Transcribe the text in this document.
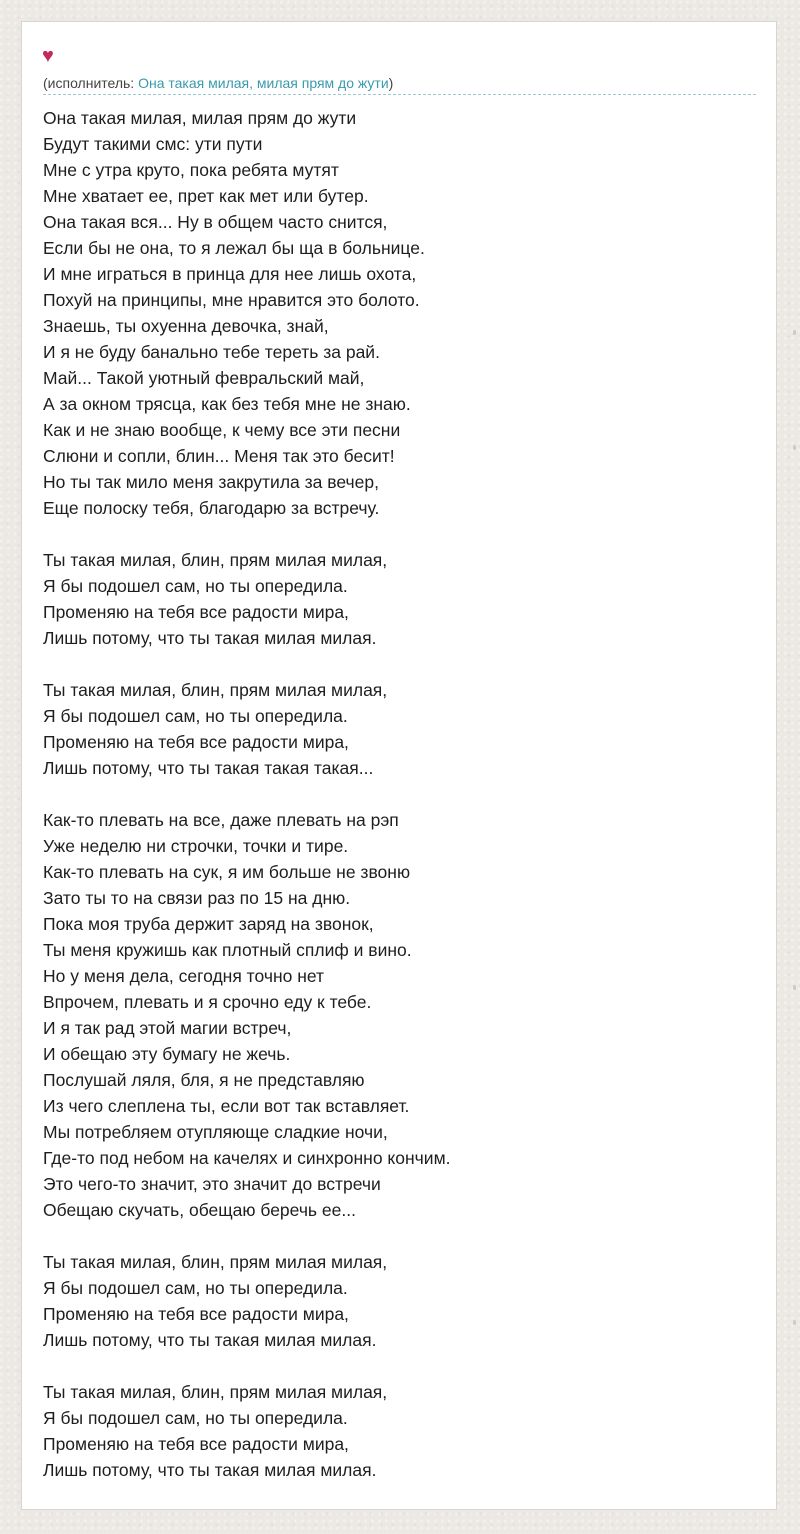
♥
(исполнитель: Она такая милая, милая прям до жути)
Она такая милая, милая прям до жути
Будут такими смс: ути пути
Мне с утра круто, пока ребята мутят
Мне хватает ее, прет как мет или бутер.
Она такая вся... Ну в общем часто снится,
Если бы не она, то я лежал бы ща в больнице.
И мне играться в принца для нее лишь охота,
Похуй на принципы, мне нравится это болото.
Знаешь, ты охуенна девочка, знай,
И я не буду банально тебе тереть за рай.
Май... Такой уютный февральский май,
А за окном трясца, как без тебя мне не знаю.
Как и не знаю вообще, к чему все эти песни
Слюни и сопли, блин... Меня так это бесит!
Но ты так мило меня закрутила за вечер,
Еще полоску тебя, благодарю за встречу.
Ты такая милая, блин, прям милая милая,
Я бы подошел сам, но ты опередила.
Променяю на тебя все радости мира,
Лишь потому, что ты такая милая милая.
Ты такая милая, блин, прям милая милая,
Я бы подошел сам, но ты опередила.
Променяю на тебя все радости мира,
Лишь потому, что ты такая такая такая...
Как-то плевать на все, даже плевать на рэп
Уже неделю ни строчки, точки и тире.
Как-то плевать на сук, я им больше не звоню
Зато ты то на связи раз по 15 на дню.
Пока моя труба держит заряд на звонок,
Ты меня кружишь как плотный сплиф и вино.
Но у меня дела, сегодня точно нет
Впрочем, плевать и я срочно еду к тебе.
И я так рад этой магии встреч,
И обещаю эту бумагу не жечь.
Послушай ляля, бля, я не представляю
Из чего слеплена ты, если вот так вставляет.
Мы потребляем отупляюще сладкие ночи,
Где-то под небом на качелях и синхронно кончим.
Это чего-то значит, это значит до встречи
Обещаю скучать, обещаю беречь ее...
Ты такая милая, блин, прям милая милая,
Я бы подошел сам, но ты опередила.
Променяю на тебя все радости мира,
Лишь потому, что ты такая милая милая.
Ты такая милая, блин, прям милая милая,
Я бы подошел сам, но ты опередила.
Променяю на тебя все радости мира,
Лишь потому, что ты такая милая милая.
